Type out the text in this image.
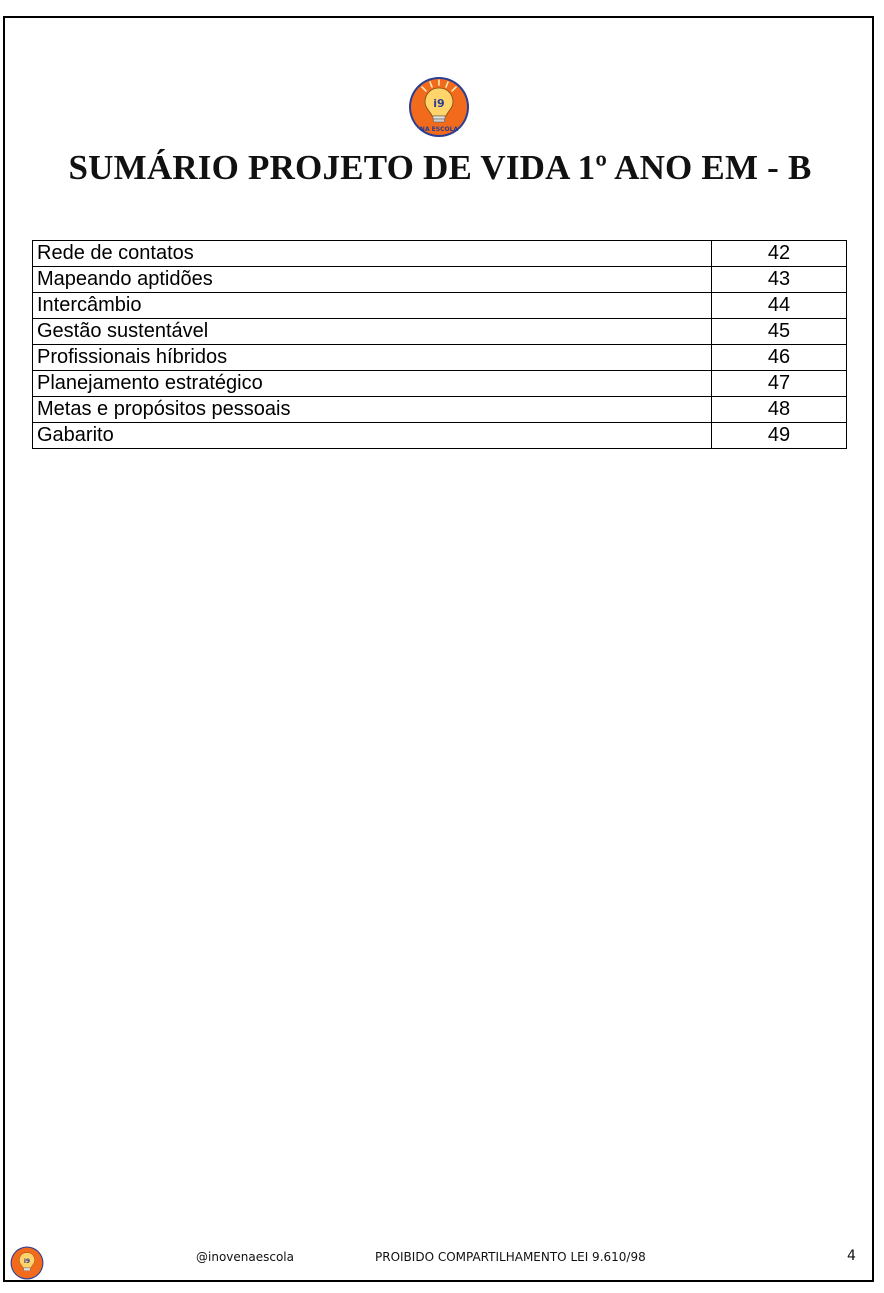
i9
NA ESCOLA
SUMÁRIO PROJETO DE VIDA 1º ANO EM - B
Rede de contatos	42
Mapeando aptidões	43
Intercâmbio	44
Gestão sustentável	45
Profissionais híbridos	46
Planejamento estratégico	47
Metas e propósitos pessoais	48
Gabarito	49
i9	@inovenaescola	PROIBIDO COMPARTILHAMENTO LEI 9.610/98	4
